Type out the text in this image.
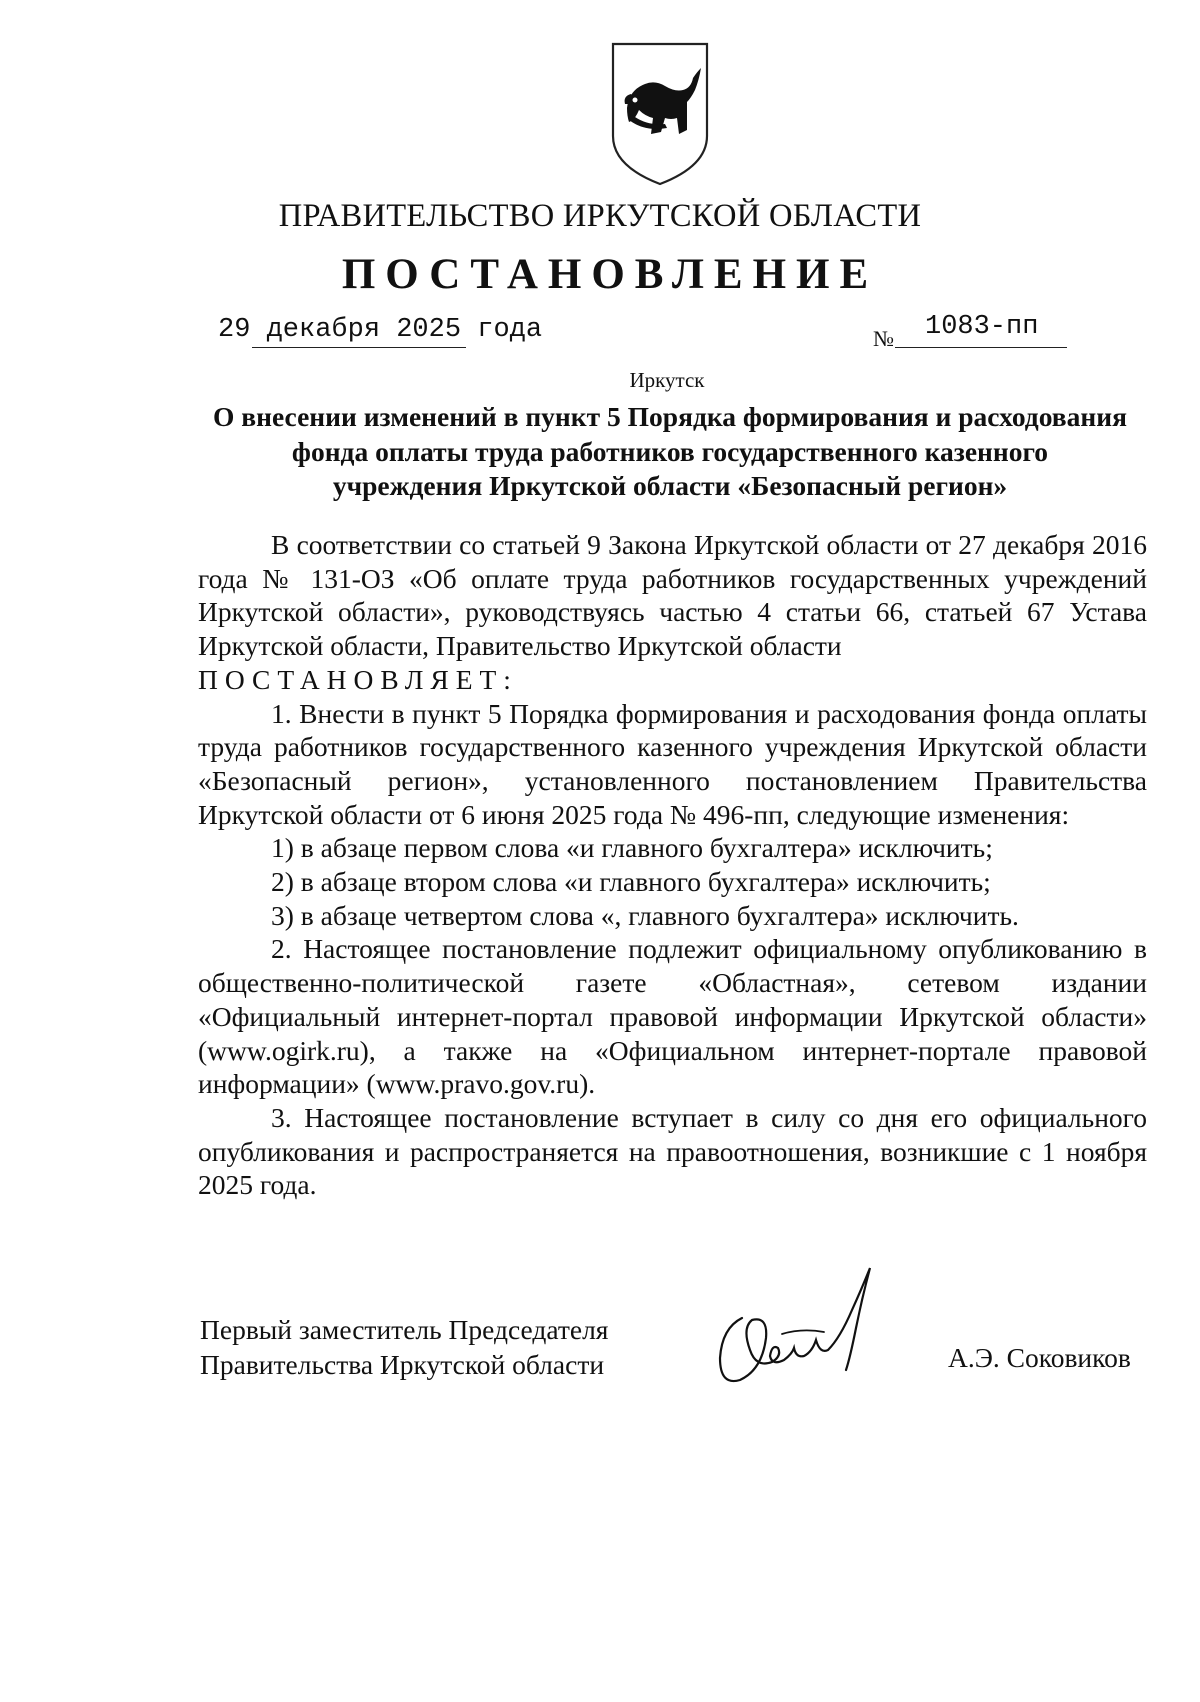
ПРАВИТЕЛЬСТВО ИРКУТСКОЙ ОБЛАСТИ
ПОСТАНОВЛЕНИЕ
29 декабря 2025 года	№ 1083-пп
Иркутск
О внесении изменений в пункт 5 Порядка формирования и расходования
фонда оплаты труда работников государственного казенного
учреждения Иркутской области «Безопасный регион»

В соответствии со статьей 9 Закона Иркутской области от 27 декабря 2016 года № 131-ОЗ «Об оплате труда работников государственных учреждений Иркутской области», руководствуясь частью 4 статьи 66, статьей 67 Устава Иркутской области, Правительство Иркутской области

ПОСТАНОВЛЯЕТ:

1. Внести в пункт 5 Порядка формирования и расходования фонда оплаты труда работников государственного казенного учреждения Иркутской области «Безопасный регион», установленного постановлением Правительства Иркутской области от 6 июня 2025 года № 496-пп, следующие изменения:

1) в абзаце первом слова «и главного бухгалтера» исключить;

2) в абзаце втором слова «и главного бухгалтера» исключить;

3) в абзаце четвертом слова «, главного бухгалтера» исключить.

2. Настоящее постановление подлежит официальному опубликованию в общественно-политической газете «Областная», сетевом издании «Официальный интернет-портал правовой информации Иркутской области» (www.ogirk.ru), а также на «Официальном интернет-портале правовой информации» (www.pravo.gov.ru).

3. Настоящее постановление вступает в силу со дня его официального опубликования и распространяется на правоотношения, возникшие с 1 ноября 2025 года.

Первый заместитель Председателя
Правительства Иркутской области	А.Э. Соковиков
